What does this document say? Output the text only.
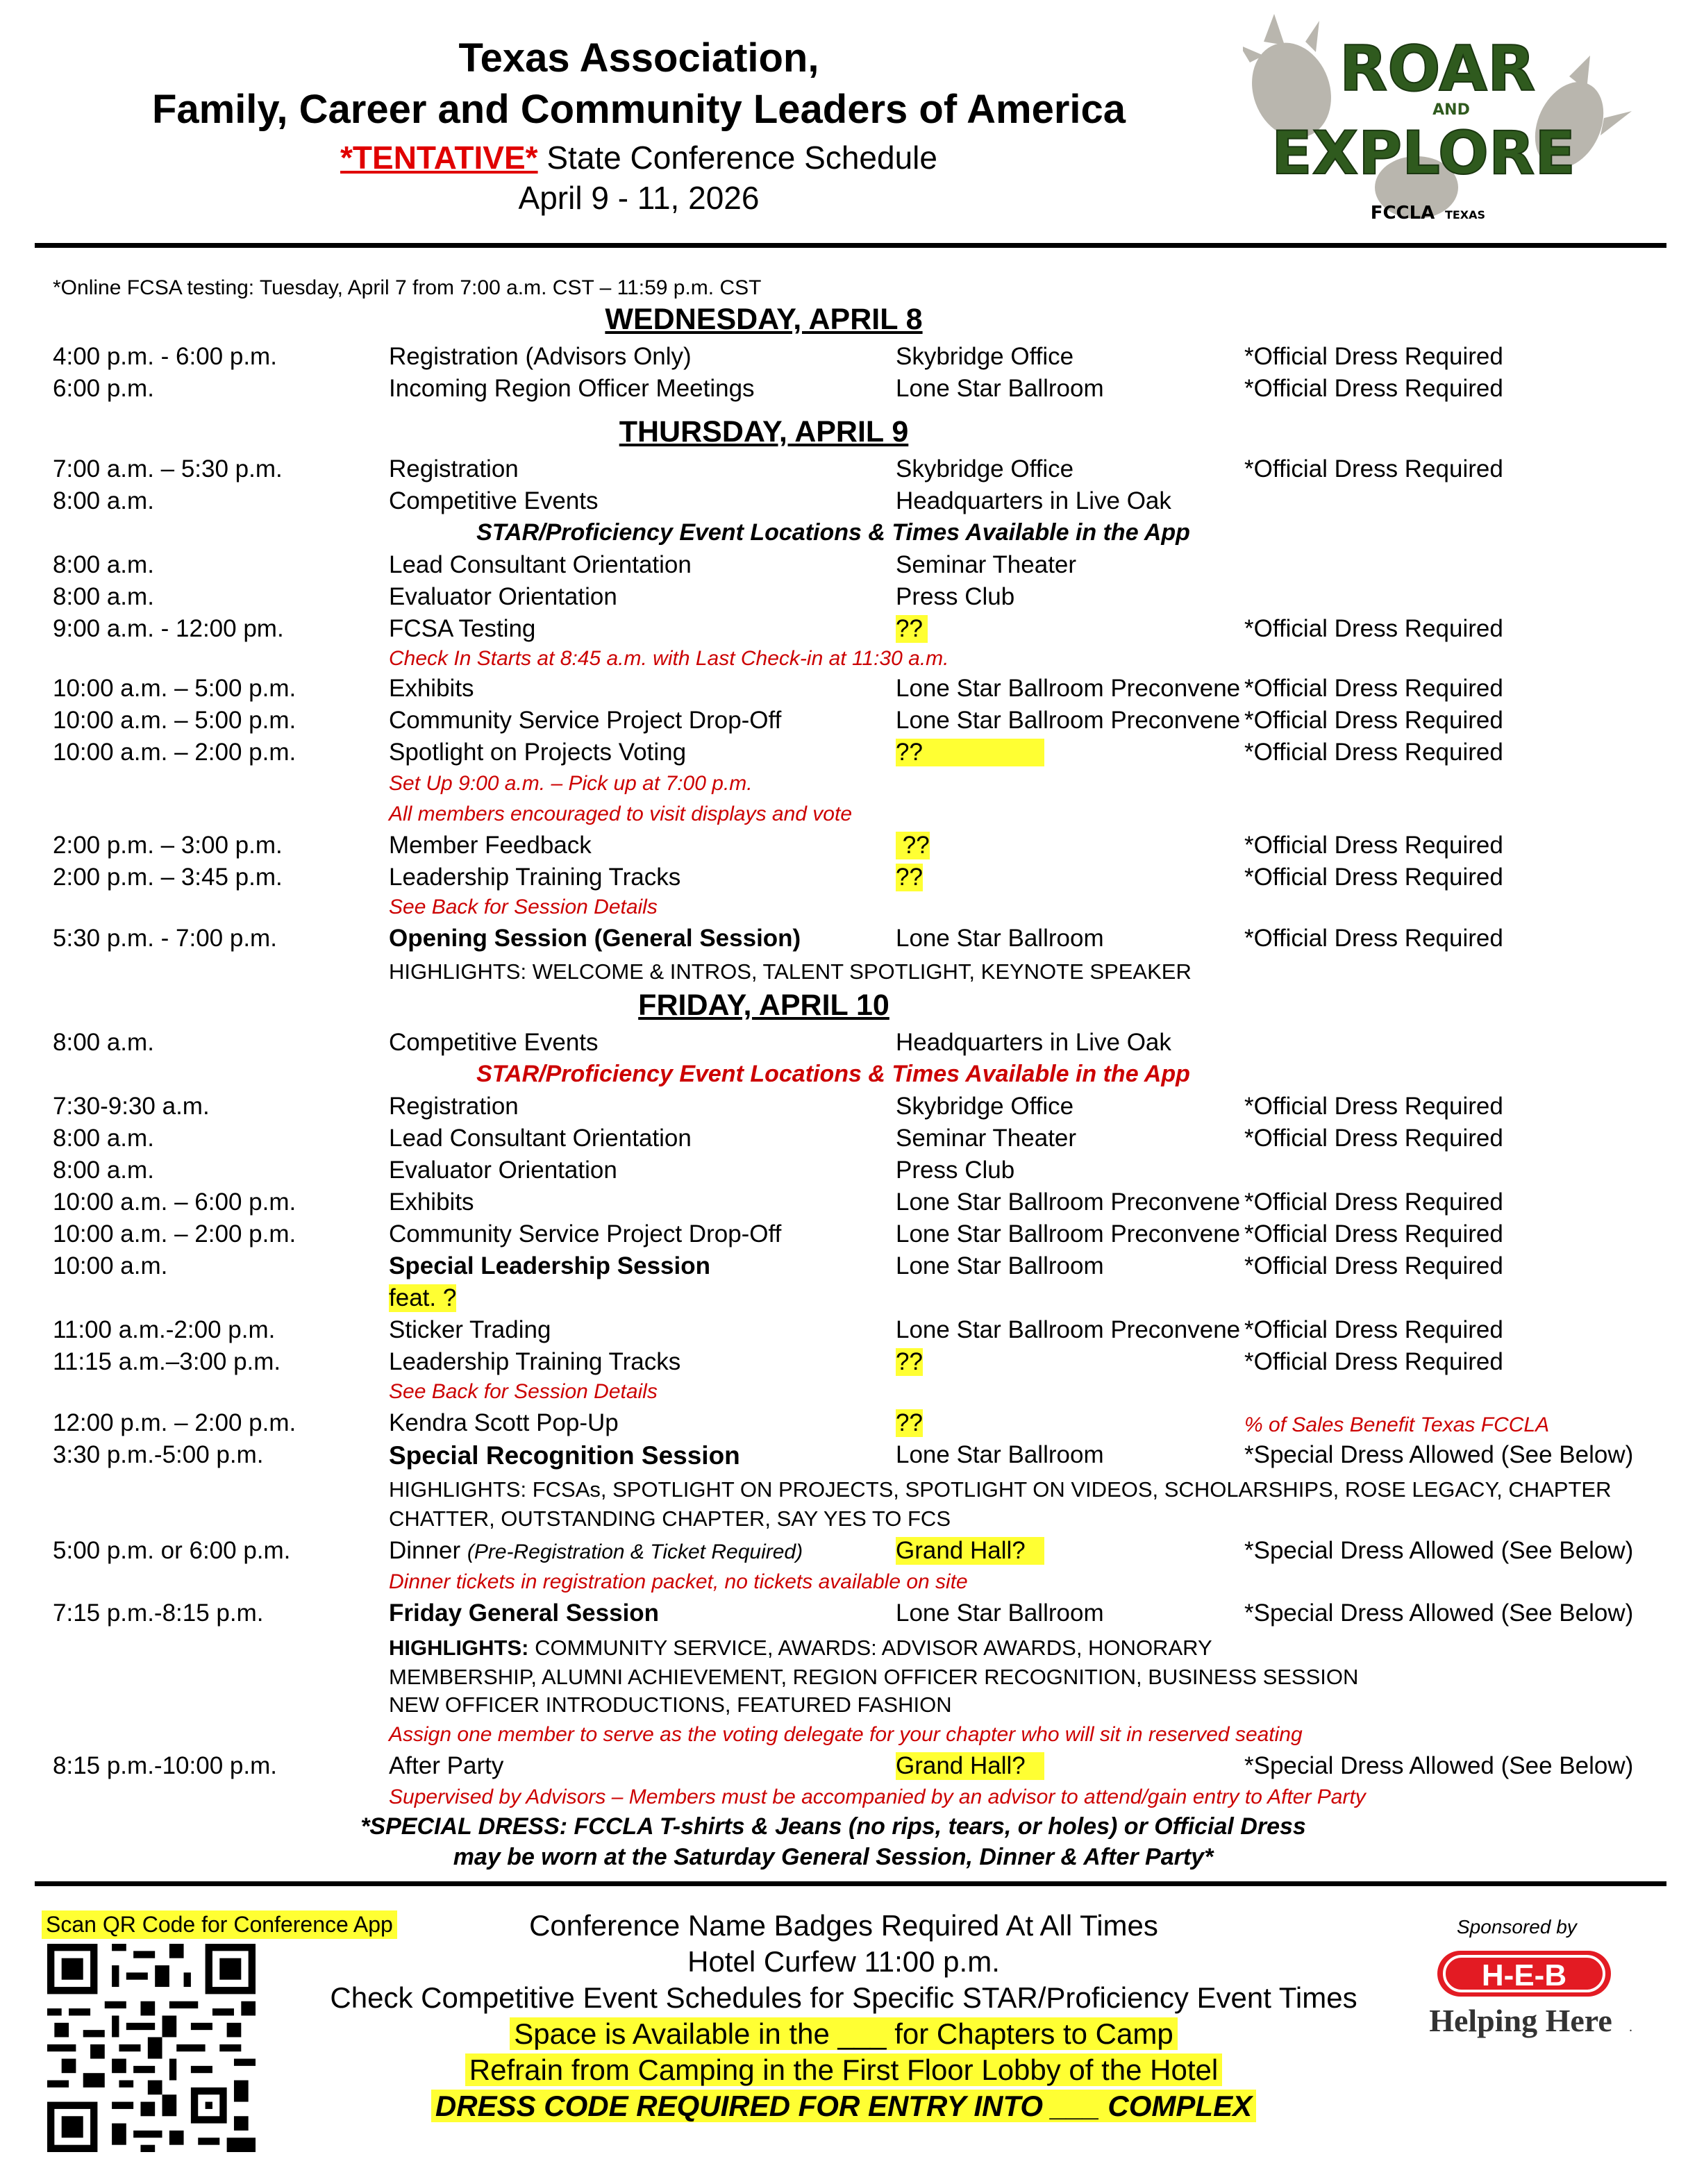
Texas Association,
Family, Career and Community Leaders of America
*TENTATIVE* State Conference Schedule
April 9 - 11, 2026
ROAR
AND
EXPLORE
FCCLA TEXAS
*Online FCSA testing: Tuesday, April 7 from 7:00 a.m. CST – 11:59 p.m. CST
WEDNESDAY, APRIL 8
4:00 p.m. - 6:00 p.m.	Registration (Advisors Only)	Skybridge Office	*Official Dress Required
6:00 p.m.	Incoming Region Officer Meetings	Lone Star Ballroom	*Official Dress Required
THURSDAY, APRIL 9
7:00 a.m. – 5:30 p.m.	Registration	Skybridge Office	*Official Dress Required
8:00 a.m.	Competitive Events	Headquarters in Live Oak
STAR/Proficiency Event Locations & Times Available in the App
8:00 a.m.	Lead Consultant Orientation	Seminar Theater
8:00 a.m.	Evaluator Orientation	Press Club
9:00 a.m. - 12:00 pm.	FCSA Testing	??	*Official Dress Required
Check In Starts at 8:45 a.m. with Last Check-in at 11:30 a.m.
10:00 a.m. – 5:00 p.m.	Exhibits	Lone Star Ballroom Preconvene *Official Dress Required
10:00 a.m. – 5:00 p.m.	Community Service Project Drop-Off	Lone Star Ballroom Preconvene *Official Dress Required
10:00 a.m. – 2:00 p.m.	Spotlight on Projects Voting	??	*Official Dress Required
Set Up 9:00 a.m. – Pick up at 7:00 p.m.
All members encouraged to visit displays and vote
2:00 p.m. – 3:00 p.m.	Member Feedback	??	*Official Dress Required
2:00 p.m. – 3:45 p.m.	Leadership Training Tracks	??	*Official Dress Required
See Back for Session Details
5:30 p.m. - 7:00 p.m.	Opening Session (General Session)	Lone Star Ballroom	*Official Dress Required
HIGHLIGHTS: WELCOME & INTROS, TALENT SPOTLIGHT, KEYNOTE SPEAKER
FRIDAY, APRIL 10
8:00 a.m.	Competitive Events	Headquarters in Live Oak
STAR/Proficiency Event Locations & Times Available in the App
7:30-9:30 a.m.	Registration	Skybridge Office	*Official Dress Required
8:00 a.m.	Lead Consultant Orientation	Seminar Theater	*Official Dress Required
8:00 a.m.	Evaluator Orientation	Press Club
10:00 a.m. – 6:00 p.m.	Exhibits	Lone Star Ballroom Preconvene *Official Dress Required
10:00 a.m. – 2:00 p.m.	Community Service Project Drop-Off	Lone Star Ballroom Preconvene *Official Dress Required
10:00 a.m.	Special Leadership Session	Lone Star Ballroom	*Official Dress Required
feat. ?
11:00 a.m.-2:00 p.m.	Sticker Trading	Lone Star Ballroom Preconvene *Official Dress Required
11:15 a.m.–3:00 p.m.	Leadership Training Tracks	??	*Official Dress Required
See Back for Session Details
12:00 p.m. – 2:00 p.m.	Kendra Scott Pop-Up	??	% of Sales Benefit Texas FCCLA
3:30 p.m.-5:00 p.m.	Special Recognition Session	Lone Star Ballroom	*Special Dress Allowed (See Below)
HIGHLIGHTS: FCSAs, SPOTLIGHT ON PROJECTS, SPOTLIGHT ON VIDEOS, SCHOLARSHIPS, ROSE LEGACY, CHAPTER
CHATTER, OUTSTANDING CHAPTER, SAY YES TO FCS
5:00 p.m. or 6:00 p.m.	Dinner (Pre-Registration & Ticket Required)	Grand Hall?	*Special Dress Allowed (See Below)
Dinner tickets in registration packet, no tickets available on site
7:15 p.m.-8:15 p.m.	Friday General Session	Lone Star Ballroom	*Special Dress Allowed (See Below)
HIGHLIGHTS: COMMUNITY SERVICE, AWARDS: ADVISOR AWARDS, HONORARY
MEMBERSHIP, ALUMNI ACHIEVEMENT, REGION OFFICER RECOGNITION, BUSINESS SESSION
NEW OFFICER INTRODUCTIONS, FEATURED FASHION
Assign one member to serve as the voting delegate for your chapter who will sit in reserved seating
8:15 p.m.-10:00 p.m.	After Party	Grand Hall?	*Special Dress Allowed (See Below)
Supervised by Advisors – Members must be accompanied by an advisor to attend/gain entry to After Party
*SPECIAL DRESS: FCCLA T-shirts & Jeans (no rips, tears, or holes) or Official Dress
may be worn at the Saturday General Session, Dinner & After Party*
Scan QR Code for Conference App	Conference Name Badges Required At All Times
Hotel Curfew 11:00 p.m.
Check Competitive Event Schedules for Specific STAR/Proficiency Event Times
Space is Available in the ___ for Chapters to Camp
Refrain from Camping in the First Floor Lobby of the Hotel
DRESS CODE REQUIRED FOR ENTRY INTO ___ COMPLEX
Sponsored by
H-E-B
Helping Here .
